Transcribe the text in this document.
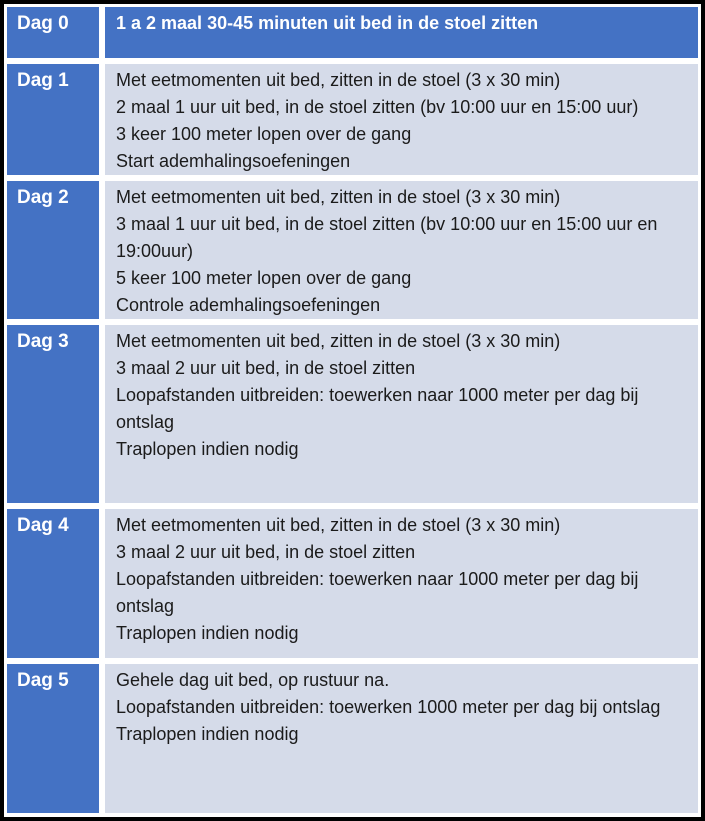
Dag 0	1 a 2 maal 30-45 minuten uit bed in de stoel zitten
Dag 1	Met eetmomenten uit bed, zitten in de stoel (3 x 30 min)
2 maal 1 uur uit bed, in de stoel zitten (bv 10:00 uur en 15:00 uur)
3 keer 100 meter lopen over de gang
Start ademhalingsoefeningen
Dag 2	Met eetmomenten uit bed, zitten in de stoel (3 x 30 min)
3 maal 1 uur uit bed, in de stoel zitten (bv 10:00 uur en 15:00 uur en 19:00uur)
5 keer 100 meter lopen over de gang
Controle ademhalingsoefeningen
Dag 3	Met eetmomenten uit bed, zitten in de stoel (3 x 30 min)
3 maal 2 uur uit bed, in de stoel zitten
Loopafstanden uitbreiden: toewerken naar 1000 meter per dag bij ontslag
Traplopen indien nodig
Dag 4	Met eetmomenten uit bed, zitten in de stoel (3 x 30 min)
3 maal 2 uur uit bed, in de stoel zitten
Loopafstanden uitbreiden: toewerken naar 1000 meter per dag bij ontslag
Traplopen indien nodig
Dag 5	Gehele dag uit bed, op rustuur na.
Loopafstanden uitbreiden: toewerken 1000 meter per dag bij ontslag
Traplopen indien nodig
